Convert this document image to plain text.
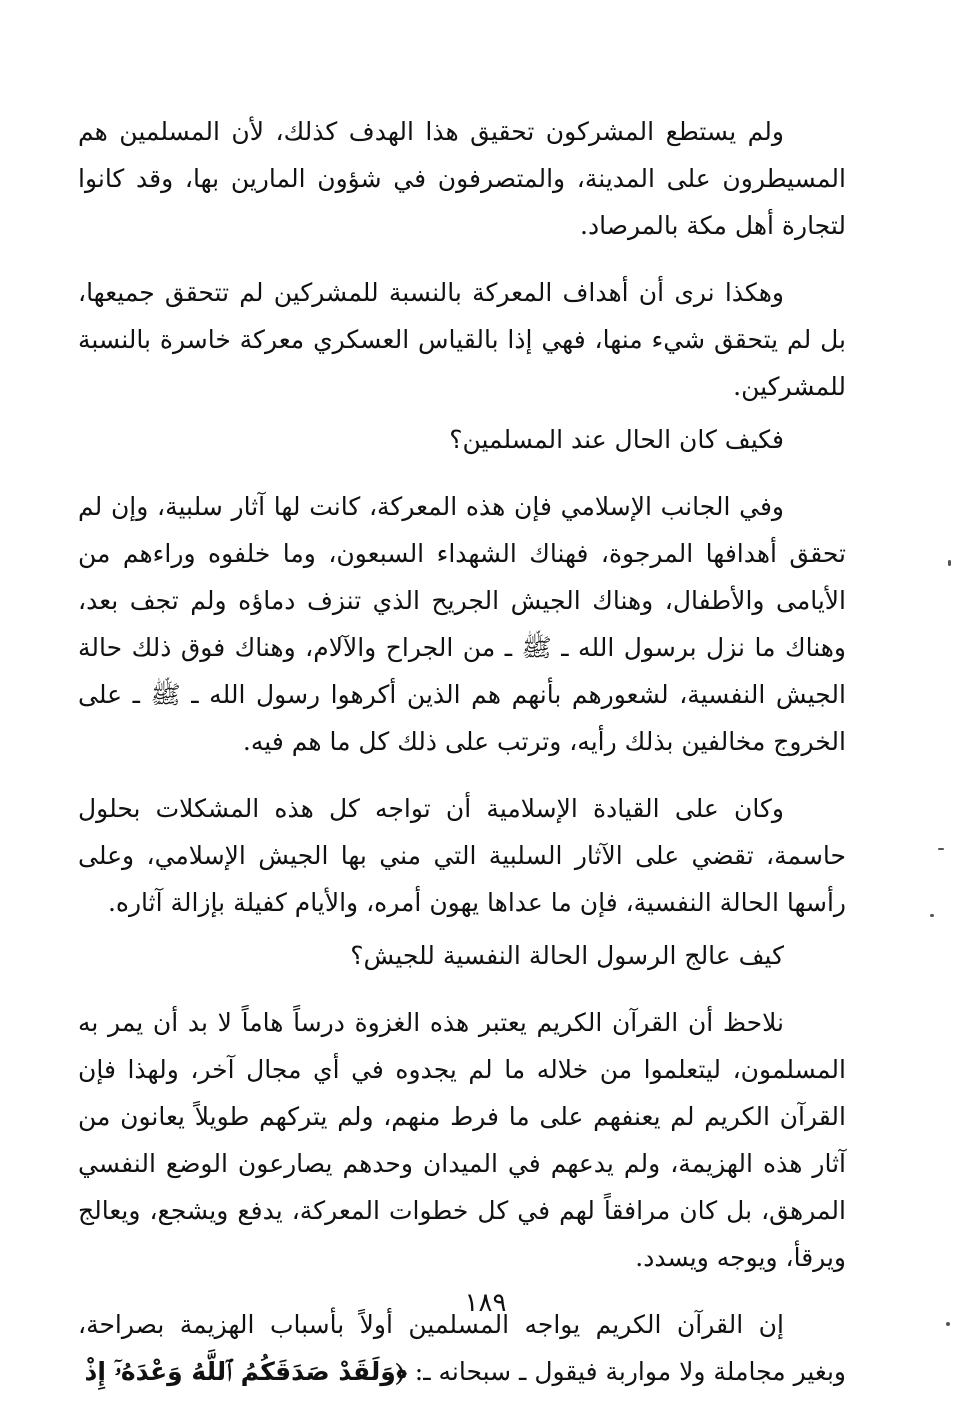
ولم يستطع المشركون تحقيق هذا الهدف كذلك، لأن المسلمين هم المسيطرون على المدينة، والمتصرفون في شؤون المارين بها، وقد كانوا لتجارة أهل مكة بالمرصاد.

وهكذا نرى أن أهداف المعركة بالنسبة للمشركين لم تتحقق جميعها، بل لم يتحقق شيء منها، فهي إذا بالقياس العسكري معركة خاسرة بالنسبة للمشركين.

فكيف كان الحال عند المسلمين؟

وفي الجانب الإسلامي فإن هذه المعركة، كانت لها آثار سلبية، وإن لم تحقق أهدافها المرجوة، فهناك الشهداء السبعون، وما خلفوه وراءهم من الأيامى والأطفال، وهناك الجيش الجريح الذي تنزف دماؤه ولم تجف بعد، وهناك ما نزل برسول الله ـ ﷺ ـ من الجراح والآلام، وهناك فوق ذلك حالة الجيش النفسية، لشعورهم بأنهم هم الذين أكرهوا رسول الله ـ ﷺ ـ على الخروج مخالفين بذلك رأيه، وترتب على ذلك كل ما هم فيه.

وكان على القيادة الإسلامية أن تواجه كل هذه المشكلات بحلول حاسمة، تقضي على الآثار السلبية التي مني بها الجيش الإسلامي، وعلى رأسها الحالة النفسية، فإن ما عداها يهون أمره، والأيام كفيلة بإزالة آثاره.

كيف عالج الرسول الحالة النفسية للجيش؟

نلاحظ أن القرآن الكريم يعتبر هذه الغزوة درساً هاماً لا بد أن يمر به المسلمون، ليتعلموا من خلاله ما لم يجدوه في أي مجال آخر، ولهذا فإن القرآن الكريم لم يعنفهم على ما فرط منهم، ولم يتركهم طويلاً يعانون من آثار هذه الهزيمة، ولم يدعهم في الميدان وحدهم يصارعون الوضع النفسي المرهق، بل كان مرافقاً لهم في كل خطوات المعركة، يدفع ويشجع، ويعالج ويرقأ، ويوجه ويسدد.

إن القرآن الكريم يواجه المسلمين أولاً بأسباب الهزيمة بصراحة، وبغير مجاملة ولا مواربة فيقول ـ سبحانه ـ: ﴿وَلَقَدْ صَدَقَكُمُ ٱللَّهُ وَعْدَهُۥٓ إِذْ

١٨٩
